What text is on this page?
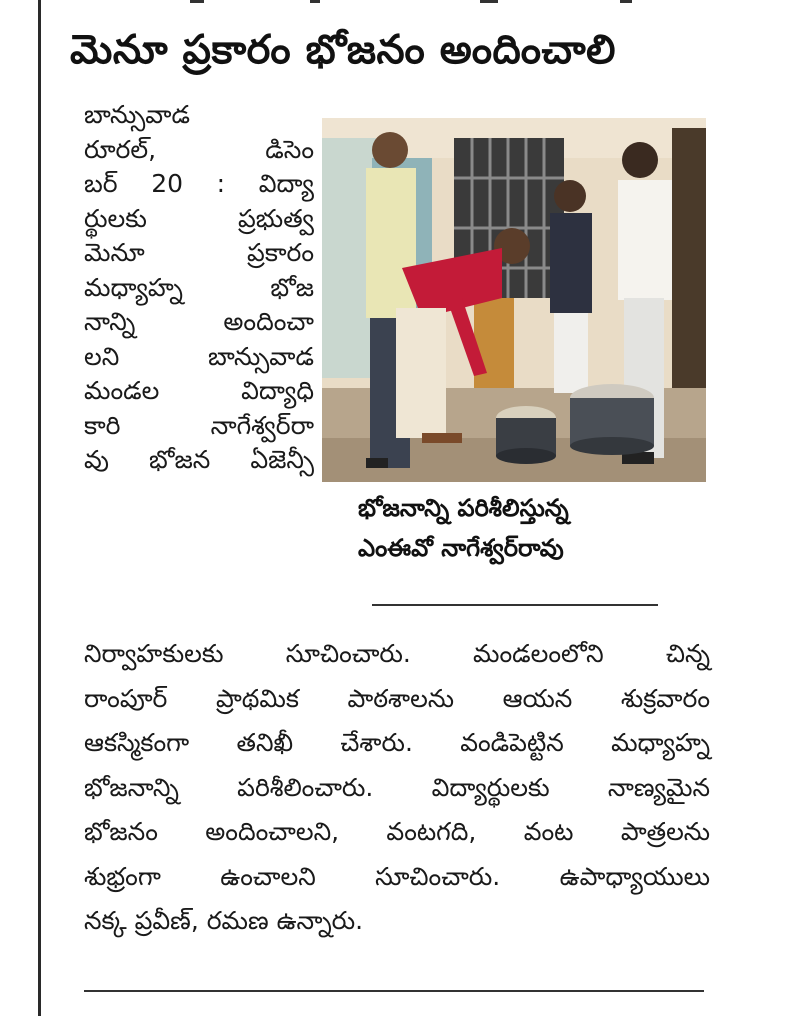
మెనూ ప్రకారం భోజనం అందించాలి
బాన్సువాడ
రూరల్, డిసెం
బర్ 20 : విద్యా
ర్థులకు ప్రభుత్వ
మెనూ ప్రకారం
మధ్యాహ్న భోజ
నాన్ని అందించా
లని బాన్సువాడ
మండల విద్యాధి
కారి నాగేశ్వర్‌రా
వు భోజన ఏజెన్సీ
భోజనాన్ని పరిశీలిస్తున్న
ఎంఈవో నాగేశ్వర్‌రావు
నిర్వాహకులకు సూచించారు. మండలంలోని చిన్న
రాంపూర్ ప్రాథమిక పాఠశాలను ఆయన శుక్రవారం
ఆకస్మికంగా తనిఖీ చేశారు. వండిపెట్టిన మధ్యాహ్న
భోజనాన్ని పరిశీలించారు. విద్యార్థులకు నాణ్యమైన
భోజనం అందించాలని, వంటగది, వంట పాత్రలను
శుభ్రంగా ఉంచాలని సూచించారు. ఉపాధ్యాయులు
నక్క ప్రవీణ్, రమణ ఉన్నారు.
